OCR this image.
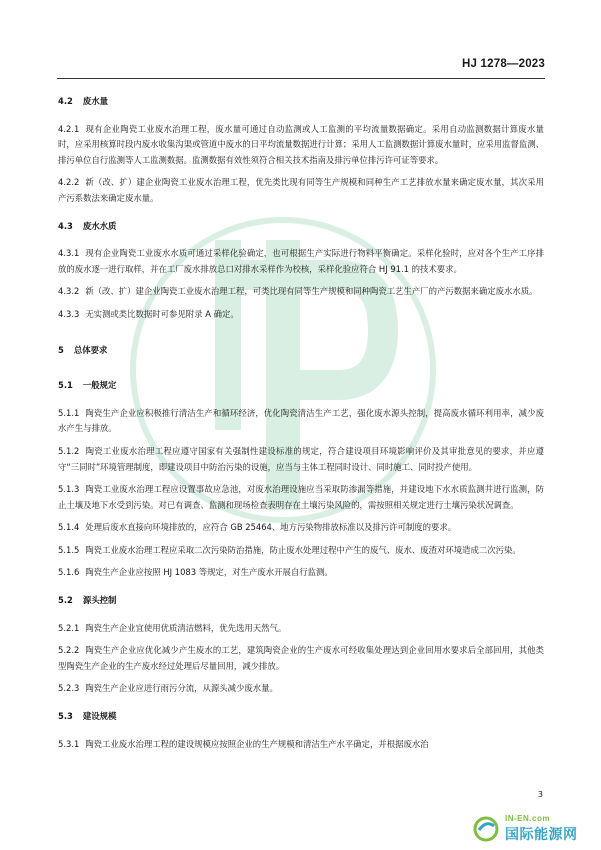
HJ 1278—2023

4.2 废水量

4.2.1 现有企业陶瓷工业废水治理工程，废水量可通过自动监测或人工监测的平均流量数据确定。采用自动监测数据计算废水量时，应采用核算时段内废水收集沟渠或管道中废水的日平均流量数据进行计算；采用人工监测数据计算废水量时，应采用监督监测、排污单位自行监测等人工监测数据。监测数据有效性须符合相关技术指南及排污单位排污许可证等要求。

4.2.2 新（改、扩）建企业陶瓷工业废水治理工程，优先类比现有同等生产规模和同种生产工艺排放水量来确定废水量，其次采用产污系数法来确定废水量。

4.3 废水水质

4.3.1 现有企业陶瓷工业废水水质可通过采样化验确定，也可根据生产实际进行物料平衡确定。采样化验时，应对各个生产工序排放的废水逐一进行取样，并在工厂废水排放总口对排水采样作为校核，采样化验应符合 HJ 91.1 的技术要求。

4.3.2 新（改、扩）建企业陶瓷工业废水治理工程，可类比现有同等生产规模和同种陶瓷工艺生产厂的产污数据来确定废水水质。

4.3.3 无实测或类比数据时可参见附录 A 确定。

5 总体要求

5.1 一般规定

5.1.1 陶瓷生产企业应积极推行清洁生产和循环经济，优化陶瓷清洁生产工艺，强化废水源头控制，提高废水循环利用率，减少废水产生与排放。

5.1.2 陶瓷工业废水治理工程应遵守国家有关强制性建设标准的规定，符合建设项目环境影响评价及其审批意见的要求，并应遵守“三同时”环境管理制度，即建设项目中防治污染的设施，应当与主体工程同时设计、同时施工、同时投产使用。

5.1.3 陶瓷工业废水治理工程应设置事故应急池，对废水治理设施应当采取防渗漏等措施，并建设地下水水质监测井进行监测，防止土壤及地下水受到污染。对已有调查、监测和现场检查表明存在土壤污染风险的，需按照相关规定进行土壤污染状况调查。

5.1.4 处理后废水直接向环境排放的，应符合 GB 25464、地方污染物排放标准以及排污许可制度的要求。

5.1.5 陶瓷工业废水治理工程应采取二次污染防治措施，防止废水处理过程中产生的废气、废水、废渣对环境造成二次污染。

5.1.6 陶瓷生产企业应按照 HJ 1083 等规定，对生产废水开展自行监测。

5.2 源头控制

5.2.1 陶瓷生产企业宜使用优质清洁燃料，优先选用天然气。

5.2.2 陶瓷生产企业应优化减少产生废水的工艺，建筑陶瓷企业的生产废水可经收集处理达到企业回用水要求后全部回用，其他类型陶瓷生产企业的生产废水经过处理后尽量回用，减少排放。

5.2.3 陶瓷生产企业应进行雨污分流，从源头减少废水量。

5.3 建设规模

5.3.1 陶瓷工业废水治理工程的建设规模应按照企业的生产规模和清洁生产水平确定，并根据废水治

3
IN-EN.com
国际能源网
